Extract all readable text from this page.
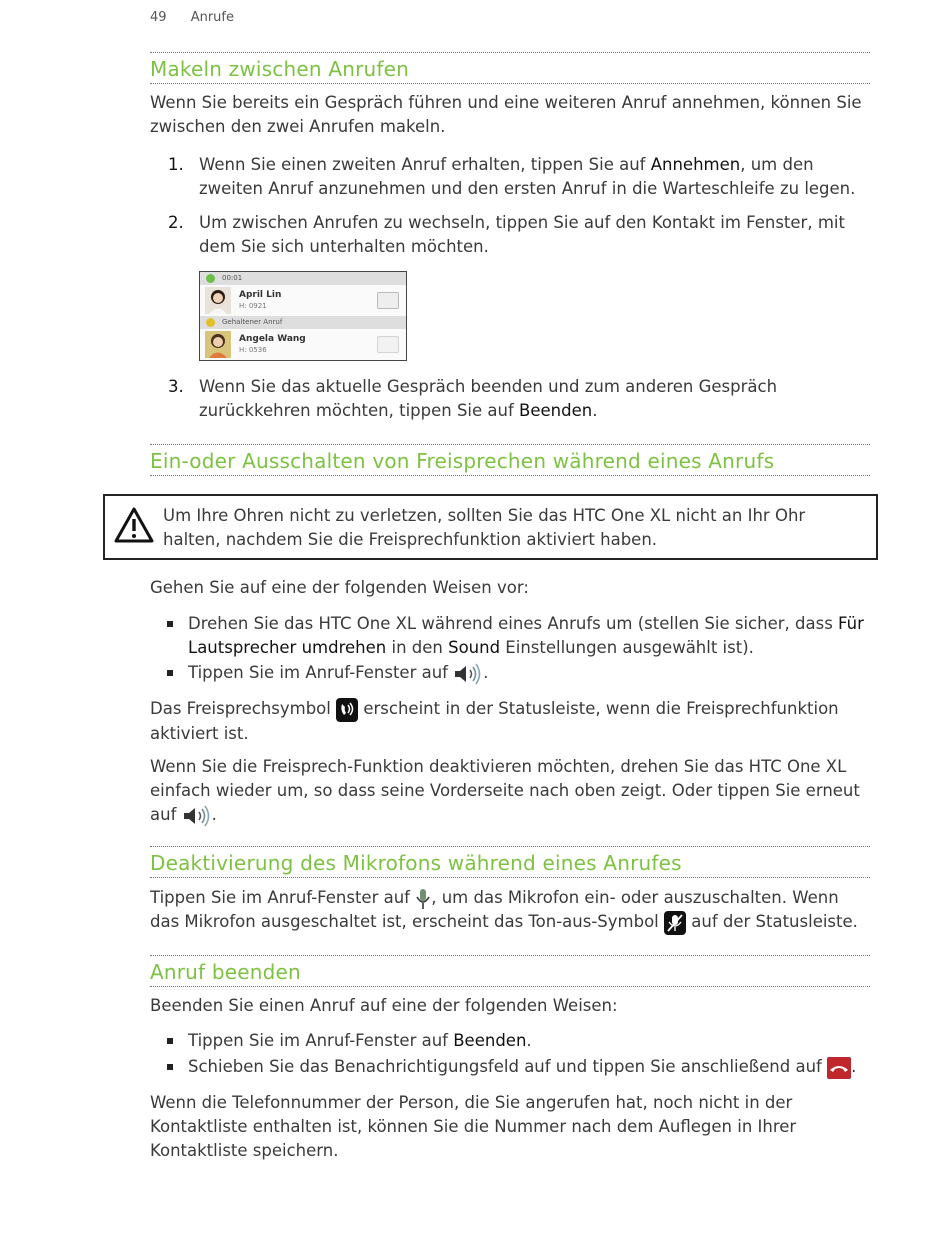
49 Anrufe
Makeln zwischen Anrufen
Wenn Sie bereits ein Gespräch führen und eine weiteren Anruf annehmen, können Sie zwischen den zwei Anrufen makeln.
1. Wenn Sie einen zweiten Anruf erhalten, tippen Sie auf Annehmen, um den zweiten Anruf anzunehmen und den ersten Anruf in die Warteschleife zu legen.
2. Um zwischen Anrufen zu wechseln, tippen Sie auf den Kontakt im Fenster, mit dem Sie sich unterhalten möchten.
00:01
April Lin
H: 0921
Gehaltener Anruf
Angela Wang
H: 0536
3. Wenn Sie das aktuelle Gespräch beenden und zum anderen Gespräch zurückkehren möchten, tippen Sie auf Beenden.
Ein-oder Ausschalten von Freisprechen während eines Anrufs
Um Ihre Ohren nicht zu verletzen, sollten Sie das HTC One XL nicht an Ihr Ohr halten, nachdem Sie die Freisprechfunktion aktiviert haben.
Gehen Sie auf eine der folgenden Weisen vor:
Drehen Sie das HTC One XL während eines Anrufs um (stellen Sie sicher, dass Für Lautsprecher umdrehen in den Sound Einstellungen ausgewählt ist).
Tippen Sie im Anruf-Fenster auf .
Das Freisprechsymbol  erscheint in der Statusleiste, wenn die Freisprechfunktion aktiviert ist.
Wenn Sie die Freisprech-Funktion deaktivieren möchten, drehen Sie das HTC One XL einfach wieder um, so dass seine Vorderseite nach oben zeigt. Oder tippen Sie erneut auf .
Deaktivierung des Mikrofons während eines Anrufes
Tippen Sie im Anruf-Fenster auf , um das Mikrofon ein- oder auszuschalten. Wenn das Mikrofon ausgeschaltet ist, erscheint das Ton-aus-Symbol  auf der Statusleiste.
Anruf beenden
Beenden Sie einen Anruf auf eine der folgenden Weisen:
Tippen Sie im Anruf-Fenster auf Beenden.
Schieben Sie das Benachrichtigungsfeld auf und tippen Sie anschließend auf .
Wenn die Telefonnummer der Person, die Sie angerufen hat, noch nicht in der Kontaktliste enthalten ist, können Sie die Nummer nach dem Auflegen in Ihrer Kontaktliste speichern.
